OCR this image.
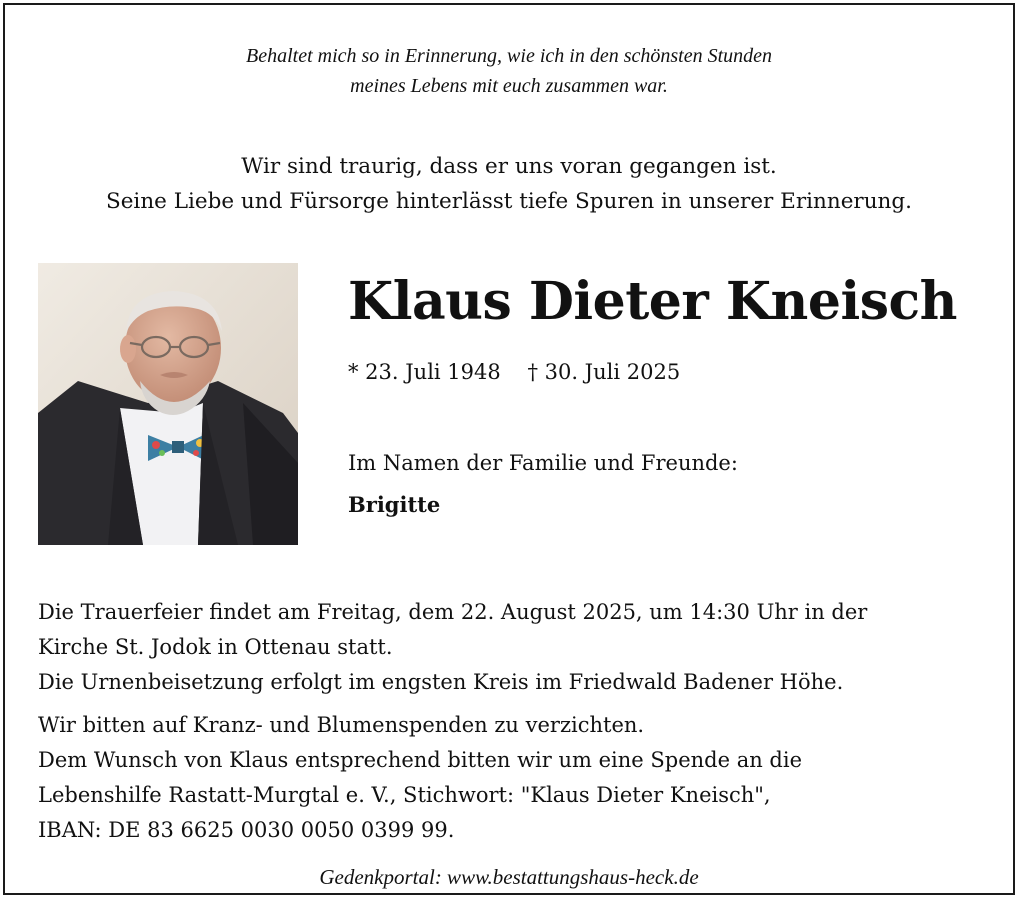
Behaltet mich so in Erinnerung, wie ich in den schönsten Stunden
meines Lebens mit euch zusammen war.
Wir sind traurig, dass er uns voran gegangen ist.
Seine Liebe und Fürsorge hinterlässt tiefe Spuren in unserer Erinnerung.
Klaus Dieter Kneisch
* 23. Juli 1948 † 30. Juli 2025
Im Namen der Familie und Freunde:
Brigitte
Die Trauerfeier findet am Freitag, dem 22. August 2025, um 14:30 Uhr in der
Kirche St. Jodok in Ottenau statt.
Die Urnenbeisetzung erfolgt im engsten Kreis im Friedwald Badener Höhe.
Wir bitten auf Kranz- und Blumenspenden zu verzichten.
Dem Wunsch von Klaus entsprechend bitten wir um eine Spende an die
Lebenshilfe Rastatt-Murgtal e. V., Stichwort: "Klaus Dieter Kneisch",
IBAN: DE 83 6625 0030 0050 0399 99.
Gedenkportal: www.bestattungshaus-heck.de
